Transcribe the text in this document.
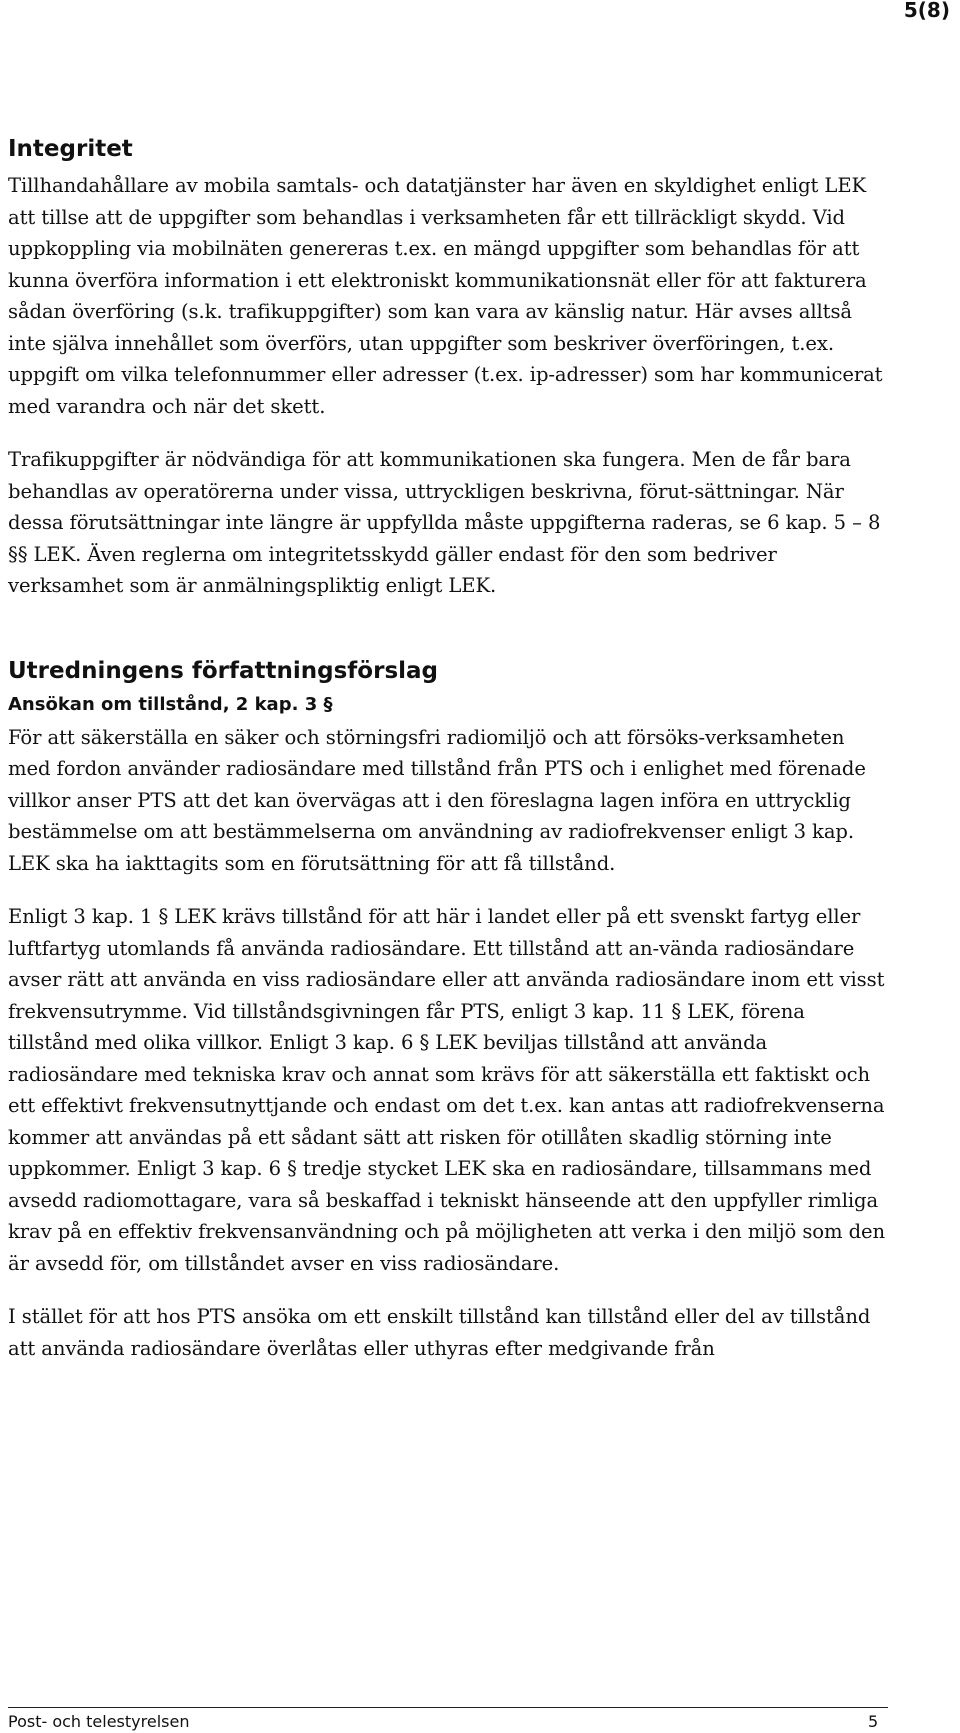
5(8)
Integritet

Tillhandahållare av mobila samtals- och datatjänster har även en skyldighet enligt LEK att tillse att de uppgifter som behandlas i verksamheten får ett tillräckligt skydd. Vid uppkoppling via mobilnäten genereras t.ex. en mängd uppgifter som behandlas för att kunna överföra information i ett elektroniskt kommunikationsnät eller för att fakturera sådan överföring (s.k. trafikuppgifter) som kan vara av känslig natur. Här avses alltså inte själva innehållet som överförs, utan uppgifter som beskriver överföringen, t.ex. uppgift om vilka telefonnummer eller adresser (t.ex. ip-adresser) som har kommunicerat med varandra och när det skett.

Trafikuppgifter är nödvändiga för att kommunikationen ska fungera. Men de får bara behandlas av operatörerna under vissa, uttryckligen beskrivna, förut-sättningar. När dessa förutsättningar inte längre är uppfyllda måste uppgifterna raderas, se 6 kap. 5 – 8 §§ LEK. Även reglerna om integritetsskydd gäller endast för den som bedriver verksamhet som är anmälningspliktig enligt LEK.

Utredningens författningsförslag
Ansökan om tillstånd, 2 kap. 3 §

För att säkerställa en säker och störningsfri radiomiljö och att försöks-verksamheten med fordon använder radiosändare med tillstånd från PTS och i enlighet med förenade villkor anser PTS att det kan övervägas att i den föreslagna lagen införa en uttrycklig bestämmelse om att bestämmelserna om användning av radiofrekvenser enligt 3 kap. LEK ska ha iakttagits som en förutsättning för att få tillstånd.

Enligt 3 kap. 1 § LEK krävs tillstånd för att här i landet eller på ett svenskt fartyg eller luftfartyg utomlands få använda radiosändare. Ett tillstånd att an-vända radiosändare avser rätt att använda en viss radiosändare eller att använda radiosändare inom ett visst frekvensutrymme. Vid tillståndsgivningen får PTS, enligt 3 kap. 11 § LEK, förena tillstånd med olika villkor. Enligt 3 kap. 6 § LEK beviljas tillstånd att använda radiosändare med tekniska krav och annat som krävs för att säkerställa ett faktiskt och ett effektivt frekvensutnyttjande och endast om det t.ex. kan antas att radiofrekvenserna kommer att användas på ett sådant sätt att risken för otillåten skadlig störning inte uppkommer. Enligt 3 kap. 6 § tredje stycket LEK ska en radiosändare, tillsammans med avsedd radiomottagare, vara så beskaffad i tekniskt hänseende att den uppfyller rimliga krav på en effektiv frekvensanvändning och på möjligheten att verka i den miljö som den är avsedd för, om tillståndet avser en viss radiosändare.

I stället för att hos PTS ansöka om ett enskilt tillstånd kan tillstånd eller del av tillstånd att använda radiosändare överlåtas eller uthyras efter medgivande från

Post- och telestyrelsen	5
